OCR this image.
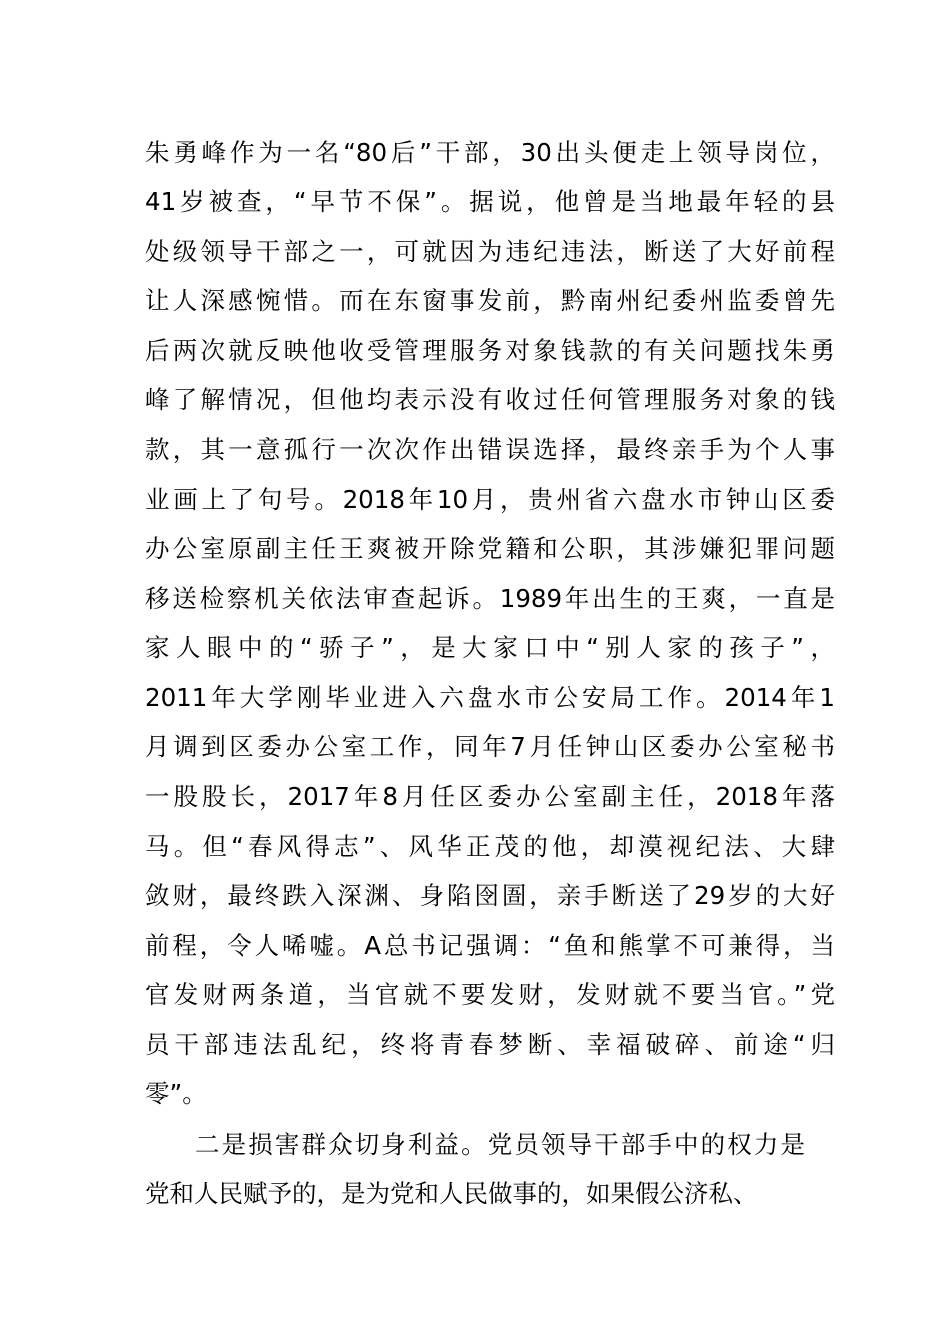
朱勇峰作为一名“80后”干部，30出头便走上领导岗位，
41岁被查，“早节不保”。据说，他曾是当地最年轻的县
处级领导干部之一，可就因为违纪违法，断送了大好前程
让人深感惋惜。而在东窗事发前，黔南州纪委州监委曾先
后两次就反映他收受管理服务对象钱款的有关问题找朱勇
峰了解情况，但他均表示没有收过任何管理服务对象的钱
款，其一意孤行一次次作出错误选择，最终亲手为个人事
业画上了句号。2018年10月，贵州省六盘水市钟山区委
办公室原副主任王爽被开除党籍和公职，其涉嫌犯罪问题
移送检察机关依法审查起诉。1989年出生的王爽，一直是
家人眼中的“骄子”，是大家口中“别人家的孩子”，
2011年大学刚毕业进入六盘水市公安局工作。2014年1
月调到区委办公室工作，同年7月任钟山区委办公室秘书
一股股长，2017年8月任区委办公室副主任，2018年落
马。但“春风得志”、风华正茂的他，却漠视纪法、大肆
敛财，最终跌入深渊、身陷囹圄，亲手断送了29岁的大好
前程，令人唏嘘。A总书记强调：“鱼和熊掌不可兼得，当
官发财两条道，当官就不要发财，发财就不要当官。”党
员干部违法乱纪，终将青春梦断、幸福破碎、前途“归
零”。
二是损害群众切身利益。党员领导干部手中的权力是
党和人民赋予的，是为党和人民做事的，如果假公济私、
